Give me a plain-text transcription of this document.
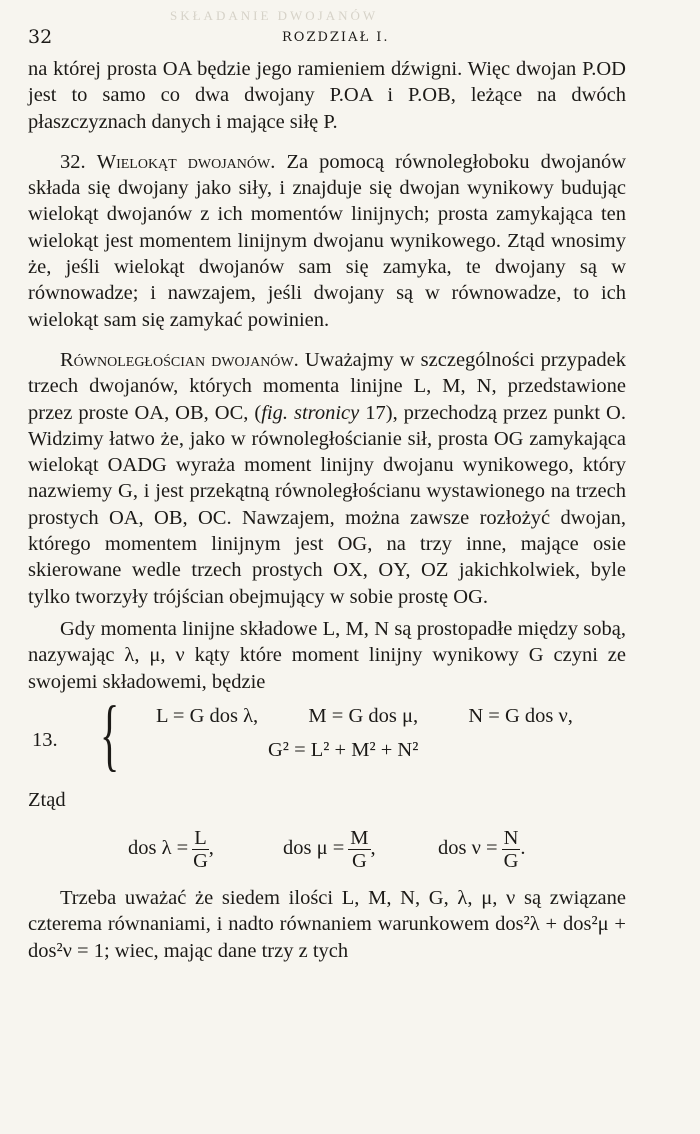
SKŁADANIE DWOJANÓW
32	ROZDZIAŁ I.

na której prosta OA będzie jego ramieniem dźwigni. Więc dwojan P.OD jest to samo co dwa dwojany P.OA i P.OB, leżące na dwóch płaszczyznach danych i mające siłę P.

32. Wielokąt dwojanów. Za pomocą równoległoboku dwojanów składa się dwojany jako siły, i znajduje się dwojan wynikowy budując wielokąt dwojanów z ich momentów linijnych; prosta zamykająca ten wielokąt jest momentem linijnym dwojanu wynikowego. Ztąd wnosimy że, jeśli wielokąt dwojanów sam się zamyka, te dwojany są w równowadze; i nawzajem, jeśli dwojany są w równowadze, to ich wielokąt sam się zamykać powinien.

Równoległościan dwojanów. Uważajmy w szczególności przypadek trzech dwojanów, których momenta linijne L, M, N, przedstawione przez proste OA, OB, OC, (fig. stronicy 17), przechodzą przez punkt O. Widzimy łatwo że, jako w równoległościanie sił, prosta OG zamykająca wielokąt OADG wyraża moment linijny dwojanu wynikowego, który nazwiemy G, i jest przekątną równoległościanu wystawionego na trzech prostych OA, OB, OC. Nawzajem, można zawsze rozłożyć dwojan, którego momentem linijnym jest OG, na trzy inne, mające osie skierowane wedle trzech prostych OX, OY, OZ jakichkolwiek, byle tylko tworzyły trójścian obejmujący w sobie prostę OG.

Gdy momenta linijne składowe L, M, N są prostopadłe między sobą, nazywając λ, μ, ν kąty które moment linijny wynikowy G czyni ze swojemi składowemi, będzie

13. { L = G dos λ, M = G dos μ, N = G dos ν,
G² = L² + M² + N²

Ztąd

dos $\lambda = \frac{L}{G}$ ,	dos $\mu = \frac{M}{G}$ ,	dos $\nu = \frac{N}{G}$ .

Trzeba uważać że siedem ilości L, M, N, G, λ, μ, ν są związane czterema równaniami, i nadto równaniem warunkowem dos²λ + dos²μ + dos²ν = 1; wiec, mając dane trzy z tych
